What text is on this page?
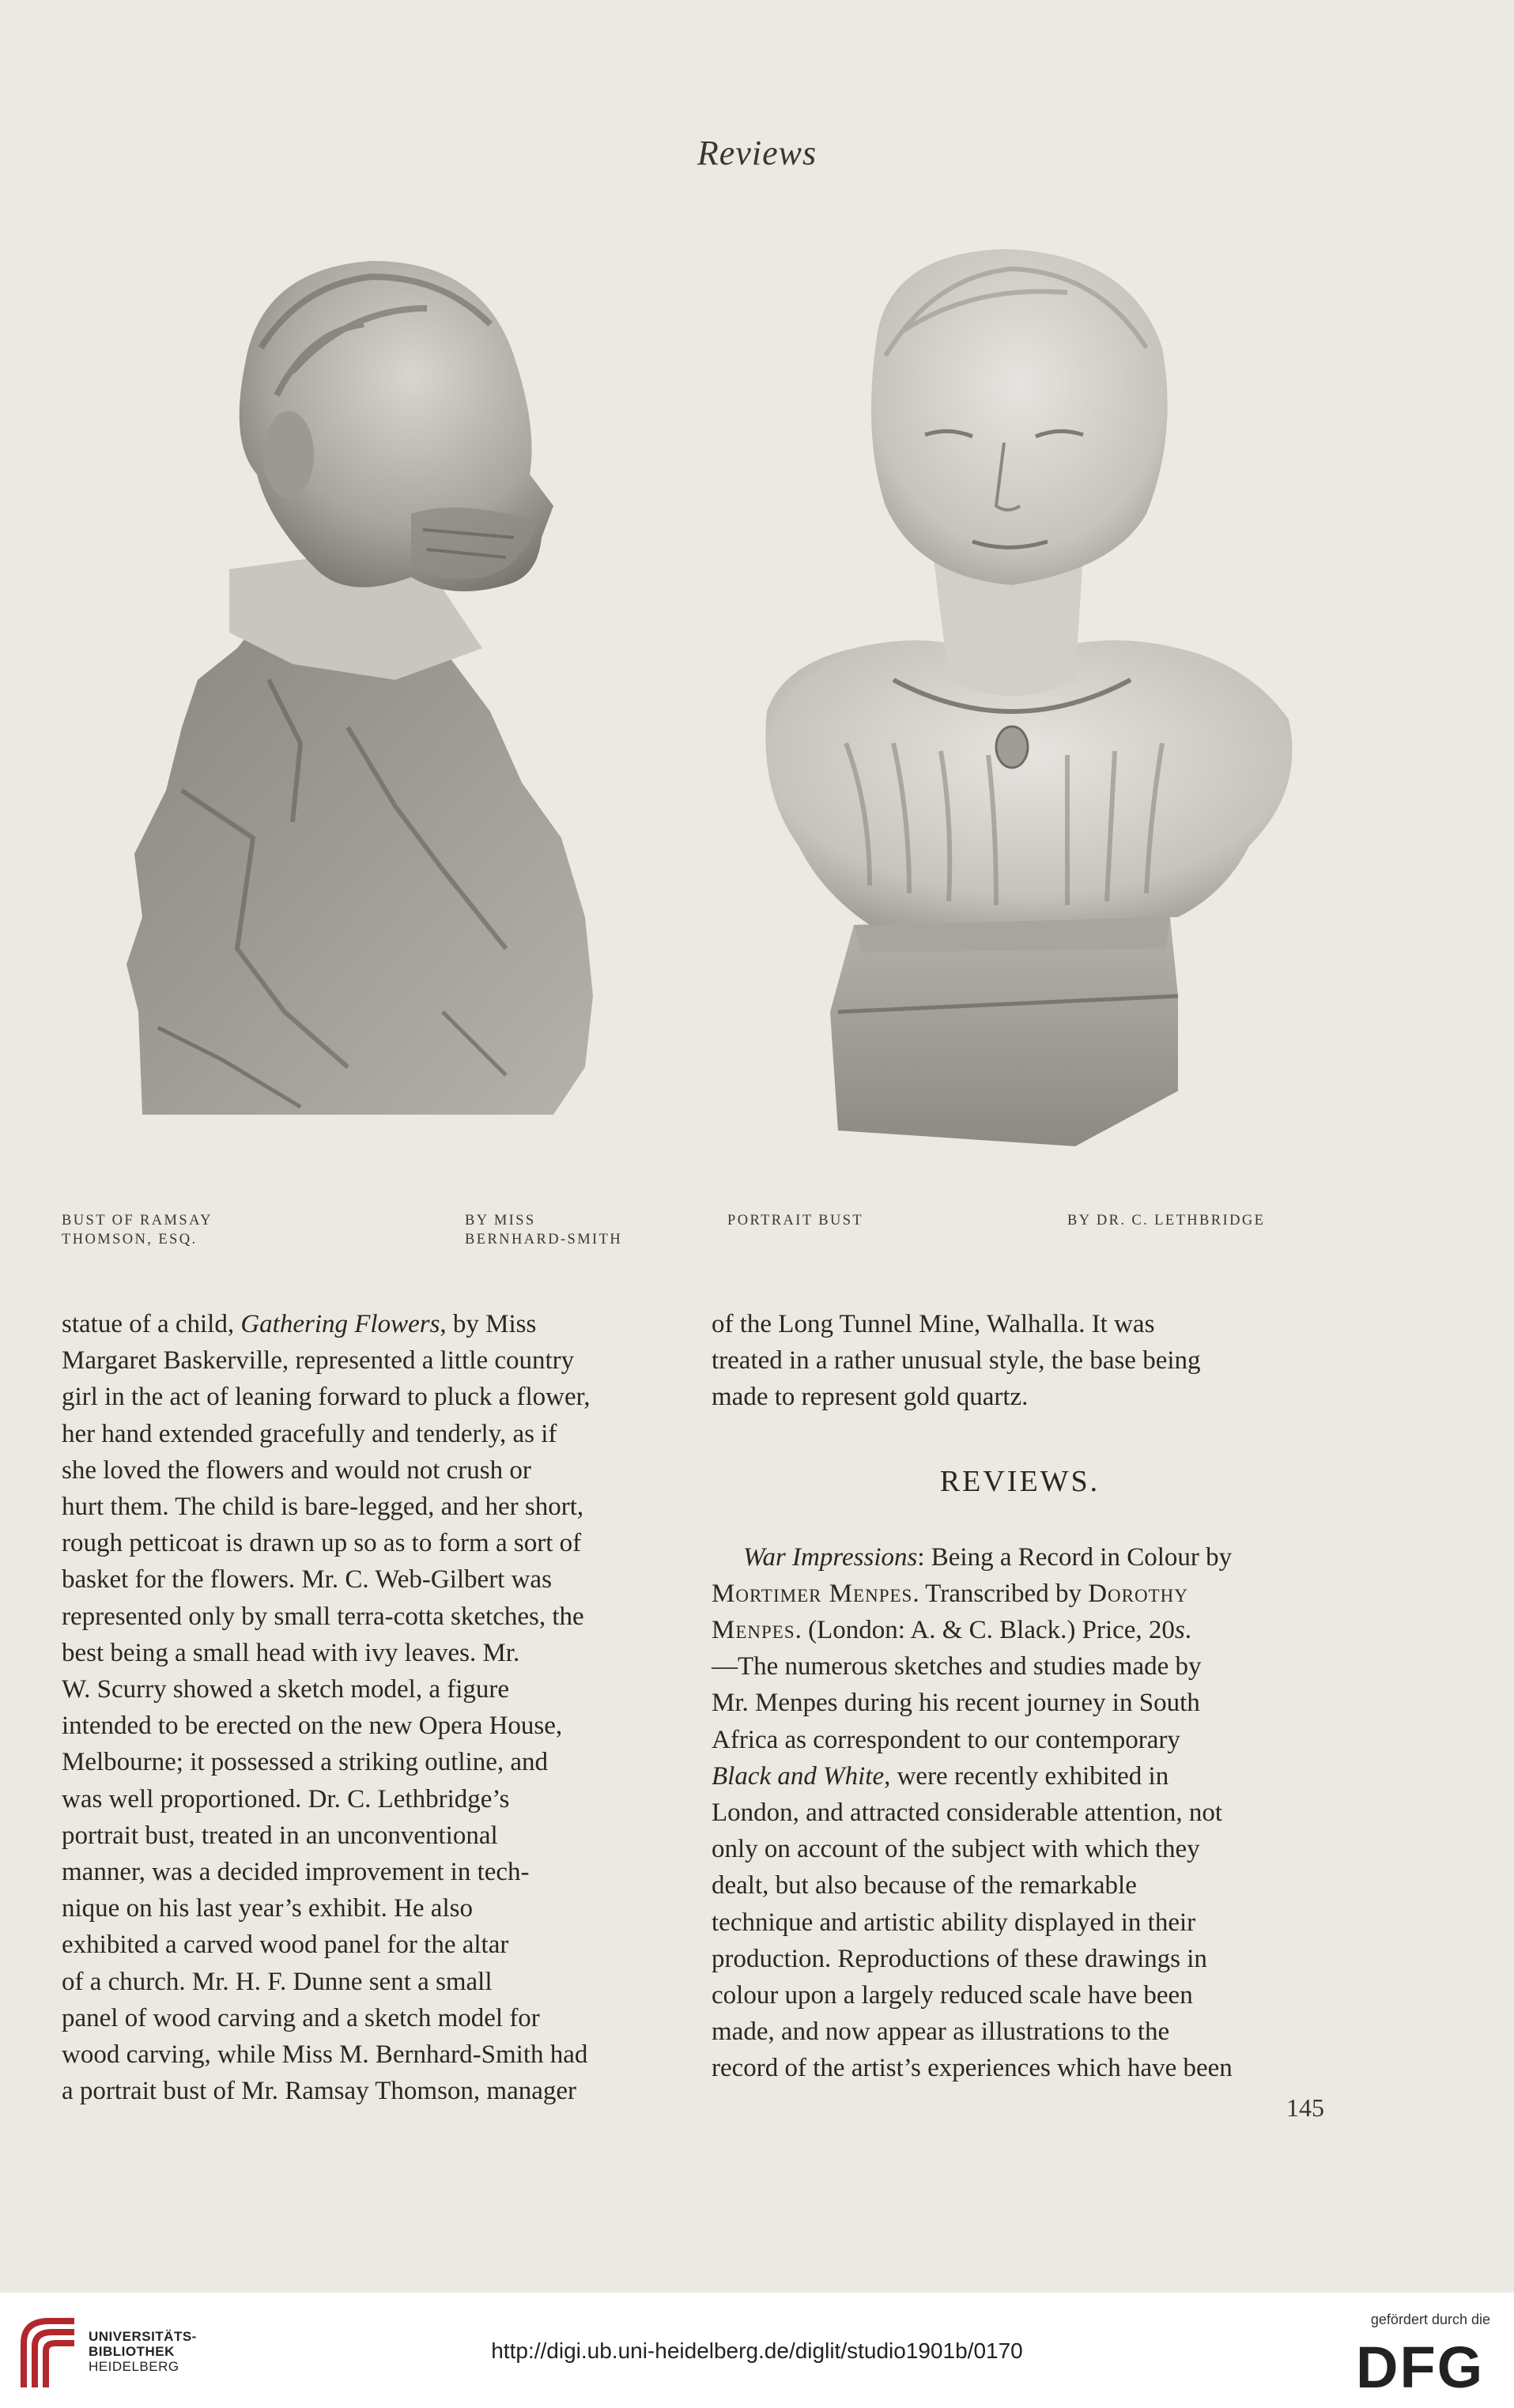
Reviews
BUST OF RAMSAY
THOMSON, ESQ.
BY MISS
BERNHARD-SMITH
PORTRAIT BUST	BY DR. C. LETHBRIDGE

statue of a child, Gathering Flowers, by Miss

Margaret Baskerville, represented a little country

girl in the act of leaning forward to pluck a flower,

her hand extended gracefully and tenderly, as if

she loved the flowers and would not crush or

hurt them. The child is bare-legged, and her short,

rough petticoat is drawn up so as to form a sort of

basket for the flowers. Mr. C. Web-Gilbert was

represented only by small terra-cotta sketches, the

best being a small head with ivy leaves. Mr.

W. Scurry showed a sketch model, a figure

intended to be erected on the new Opera House,

Melbourne; it possessed a striking outline, and

was well proportioned. Dr. C. Lethbridge’s

portrait bust, treated in an unconventional

manner, was a decided improvement in tech-

nique on his last year’s exhibit. He also

exhibited a carved wood panel for the altar

of a church. Mr. H. F. Dunne sent a small

panel of wood carving and a sketch model for

wood carving, while Miss M. Bernhard-Smith had

a portrait bust of Mr. Ramsay Thomson, manager

of the Long Tunnel Mine, Walhalla. It was

treated in a rather unusual style, the base being

made to represent gold quartz.

REVIEWS.

War Impressions: Being a Record in Colour by

Mortimer Menpes. Transcribed by Dorothy

Menpes. (London: A. & C. Black.) Price, 20s.

—The numerous sketches and studies made by

Mr. Menpes during his recent journey in South

Africa as correspondent to our contemporary

Black and White, were recently exhibited in

London, and attracted considerable attention, not

only on account of the subject with which they

dealt, but also because of the remarkable

technique and artistic ability displayed in their

production. Reproductions of these drawings in

colour upon a largely reduced scale have been

made, and now appear as illustrations to the

record of the artist’s experiences which have been

145
UNIVERSITÄTS-
BIBLIOTHEK
HEIDELBERG
http://digi.ub.uni-heidelberg.de/diglit/studio1901b/0170
gefördert durch die
DFG
